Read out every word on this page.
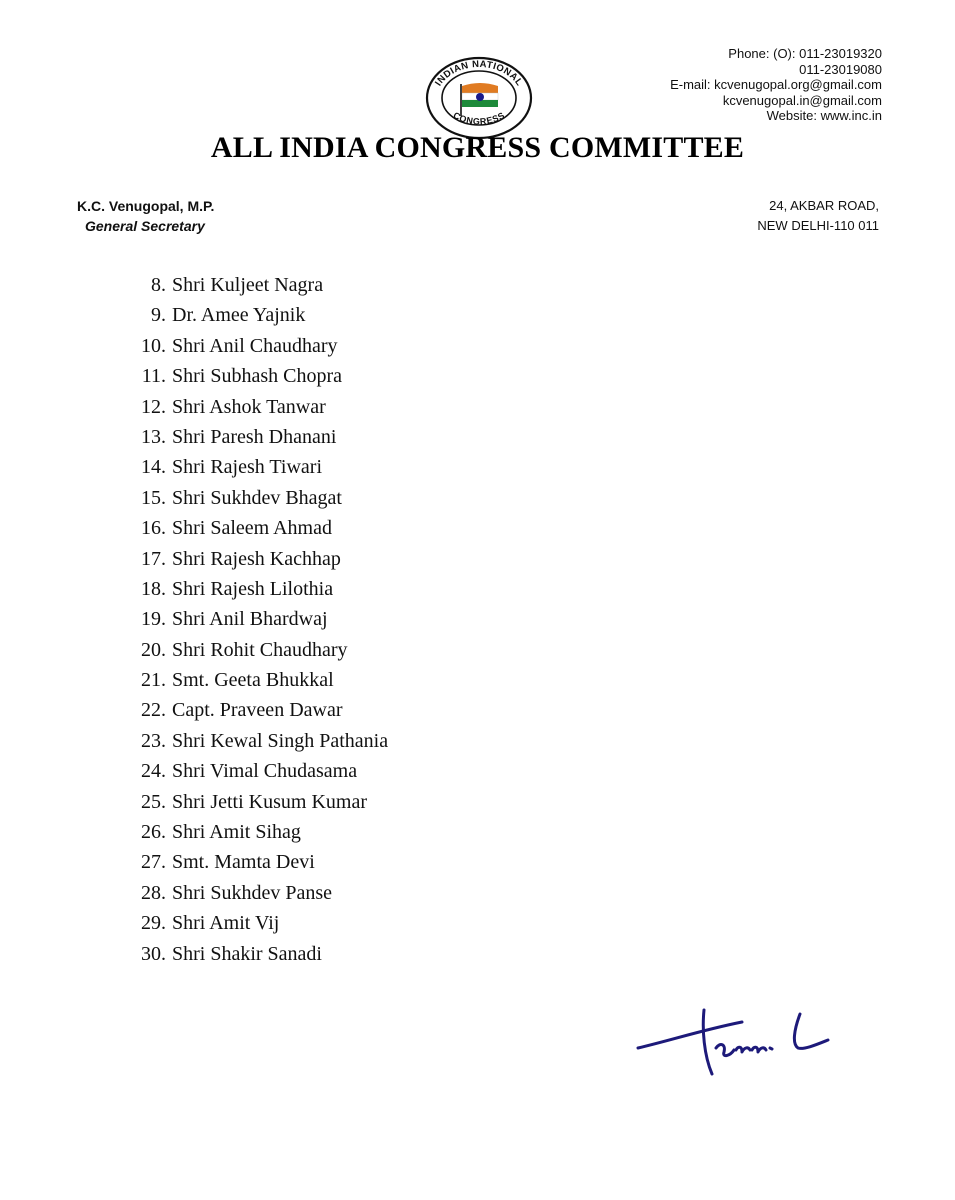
INDIAN NATIONAL
CONGRESS
Phone: (O): 011-23019320
011-23019080
E-mail: kcvenugopal.org@gmail.com
kcvenugopal.in@gmail.com
Website: www.inc.in
ALL INDIA CONGRESS COMMITTEE
K.C. Venugopal, M.P.
General Secretary
24, AKBAR ROAD,
NEW DELHI-110 011
8. Shri Kuljeet Nagra
9. Dr. Amee Yajnik
10. Shri Anil Chaudhary
11. Shri Subhash Chopra
12. Shri Ashok Tanwar
13. Shri Paresh Dhanani
14. Shri Rajesh Tiwari
15. Shri Sukhdev Bhagat
16. Shri Saleem Ahmad
17. Shri Rajesh Kachhap
18. Shri Rajesh Lilothia
19. Shri Anil Bhardwaj
20. Shri Rohit Chaudhary
21. Smt. Geeta Bhukkal
22. Capt. Praveen Dawar
23. Shri Kewal Singh Pathania
24. Shri Vimal Chudasama
25. Shri Jetti Kusum Kumar
26. Shri Amit Sihag
27. Smt. Mamta Devi
28. Shri Sukhdev Panse
29. Shri Amit Vij
30. Shri Shakir Sanadi
